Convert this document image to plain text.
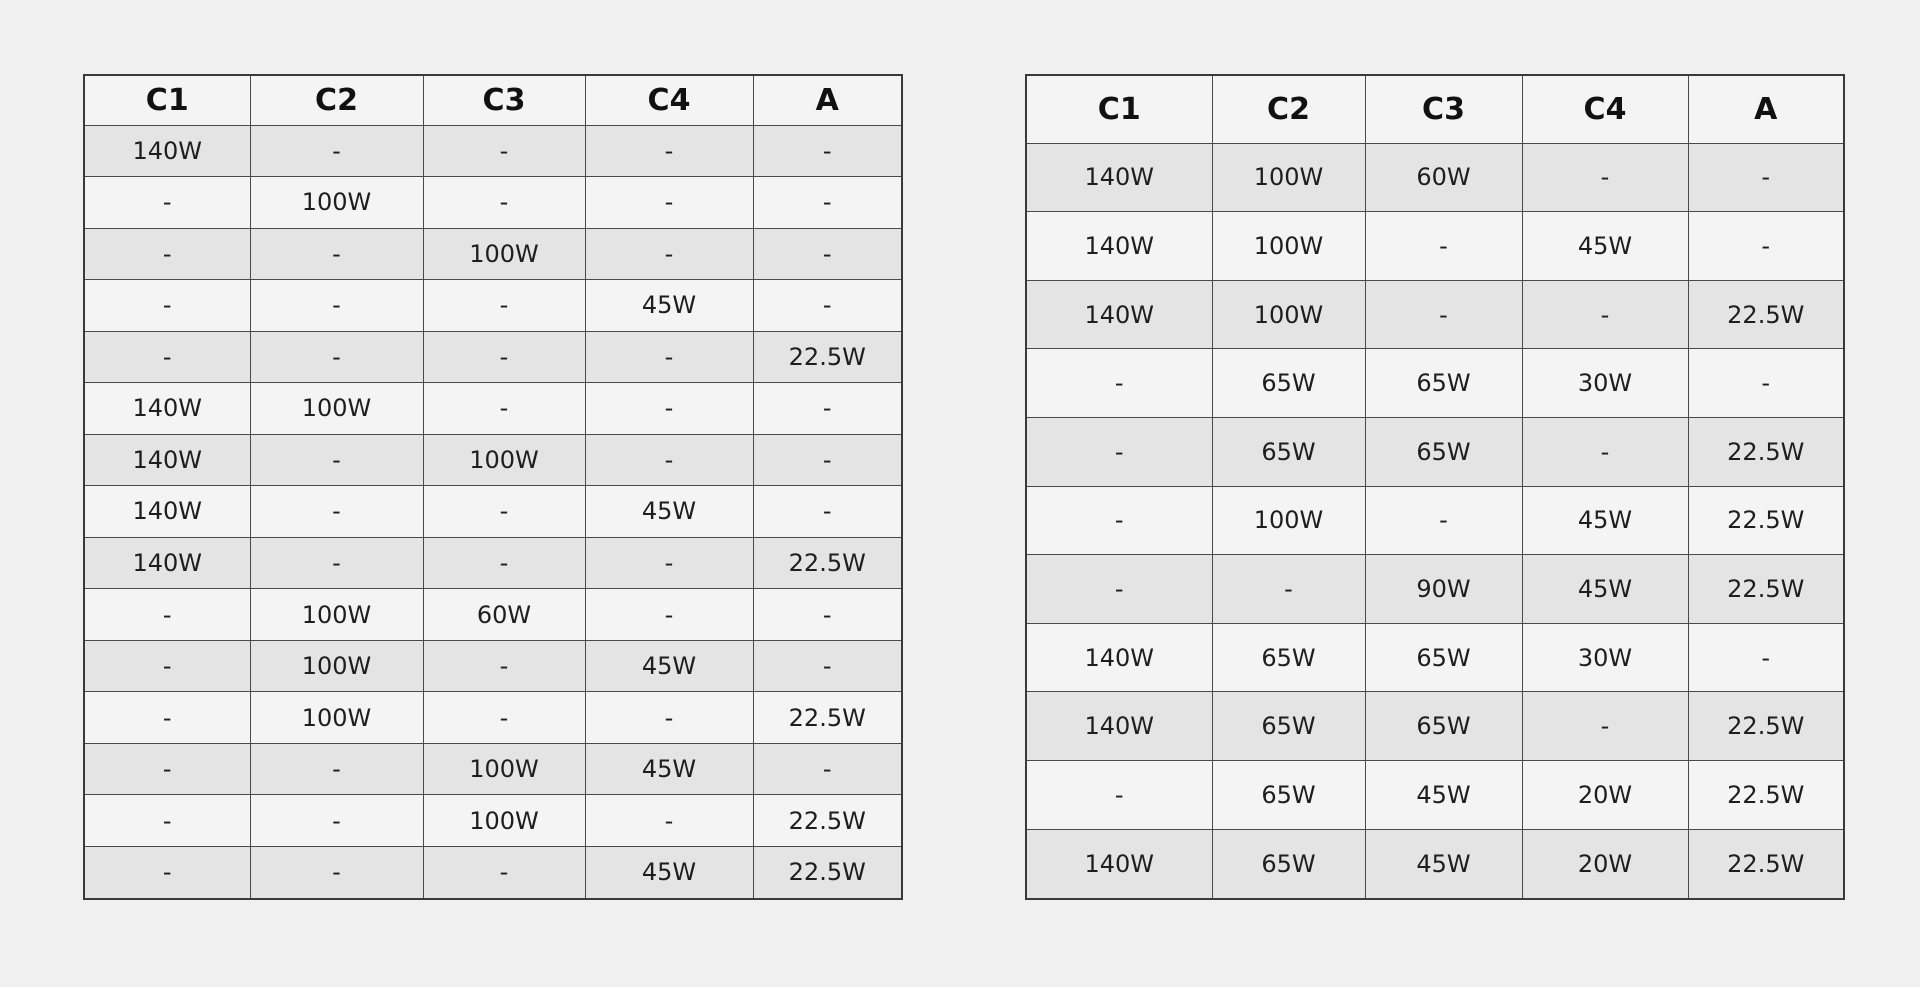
C1	C2	C3	C4	A
140W	-	-	-	-
-	100W	-	-	-
-	-	100W	-	-
-	-	-	45W	-
-	-	-	-	22.5W
140W	100W	-	-	-
140W	-	100W	-	-
140W	-	-	45W	-
140W	-	-	-	22.5W
-	100W	60W	-	-
-	100W	-	45W	-
-	100W	-	-	22.5W
-	-	100W	45W	-
-	-	100W	-	22.5W
-	-	-	45W	22.5W
C1	C2	C3	C4	A
140W	100W	60W	-	-
140W	100W	-	45W	-
140W	100W	-	-	22.5W
-	65W	65W	30W	-
-	65W	65W	-	22.5W
-	100W	-	45W	22.5W
-	-	90W	45W	22.5W
140W	65W	65W	30W	-
140W	65W	65W	-	22.5W
-	65W	45W	20W	22.5W
140W	65W	45W	20W	22.5W
